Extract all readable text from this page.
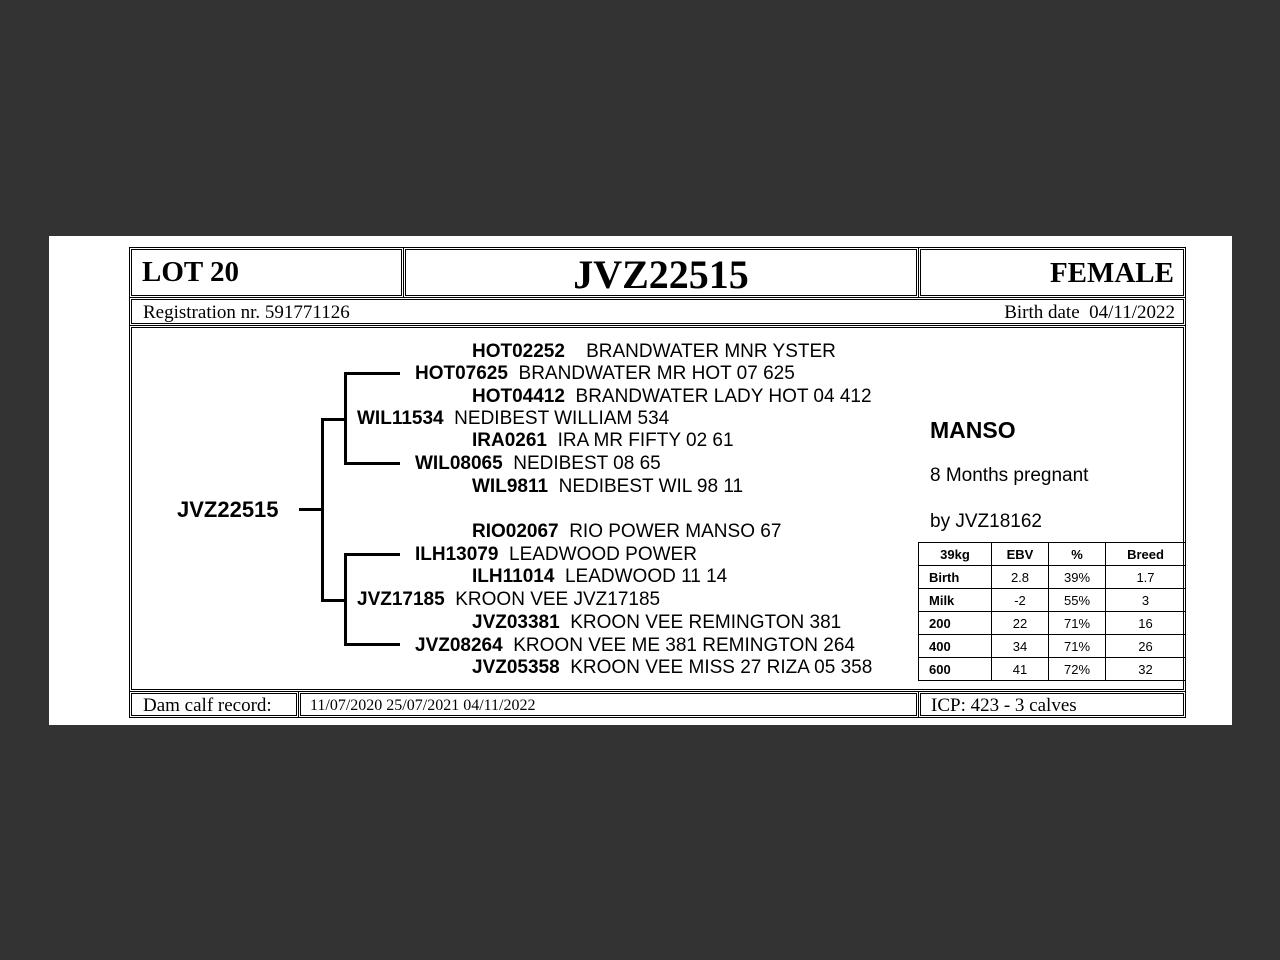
LOT 20	JVZ22515	FEMALE
Registration nr. 591771126	Birth date 04/11/2022
JVZ22515
HOT02252 BRANDWATER MNR YSTER
HOT07625 BRANDWATER MR HOT 07 625
HOT04412 BRANDWATER LADY HOT 04 412
WIL11534 NEDIBEST WILLIAM 534
IRA0261 IRA MR FIFTY 02 61
WIL08065 NEDIBEST 08 65
WIL9811 NEDIBEST WIL 98 11
RIO02067 RIO POWER MANSO 67
ILH13079 LEADWOOD POWER
ILH11014 LEADWOOD 11 14
JVZ17185 KROON VEE JVZ17185
JVZ03381 KROON VEE REMINGTON 381
JVZ08264 KROON VEE ME 381 REMINGTON 264
JVZ05358 KROON VEE MISS 27 RIZA 05 358
MANSO
8 Months pregnant
by JVZ18162
39kg	EBV	%	Breed
Birth	2.8	39%	1.7
Milk	-2	55%	3
200	22	71%	16
400	34	71%	26
600	41	72%	32
Dam calf record: 11/07/2020 25/07/2021 04/11/2022	ICP: 423 - 3 calves
